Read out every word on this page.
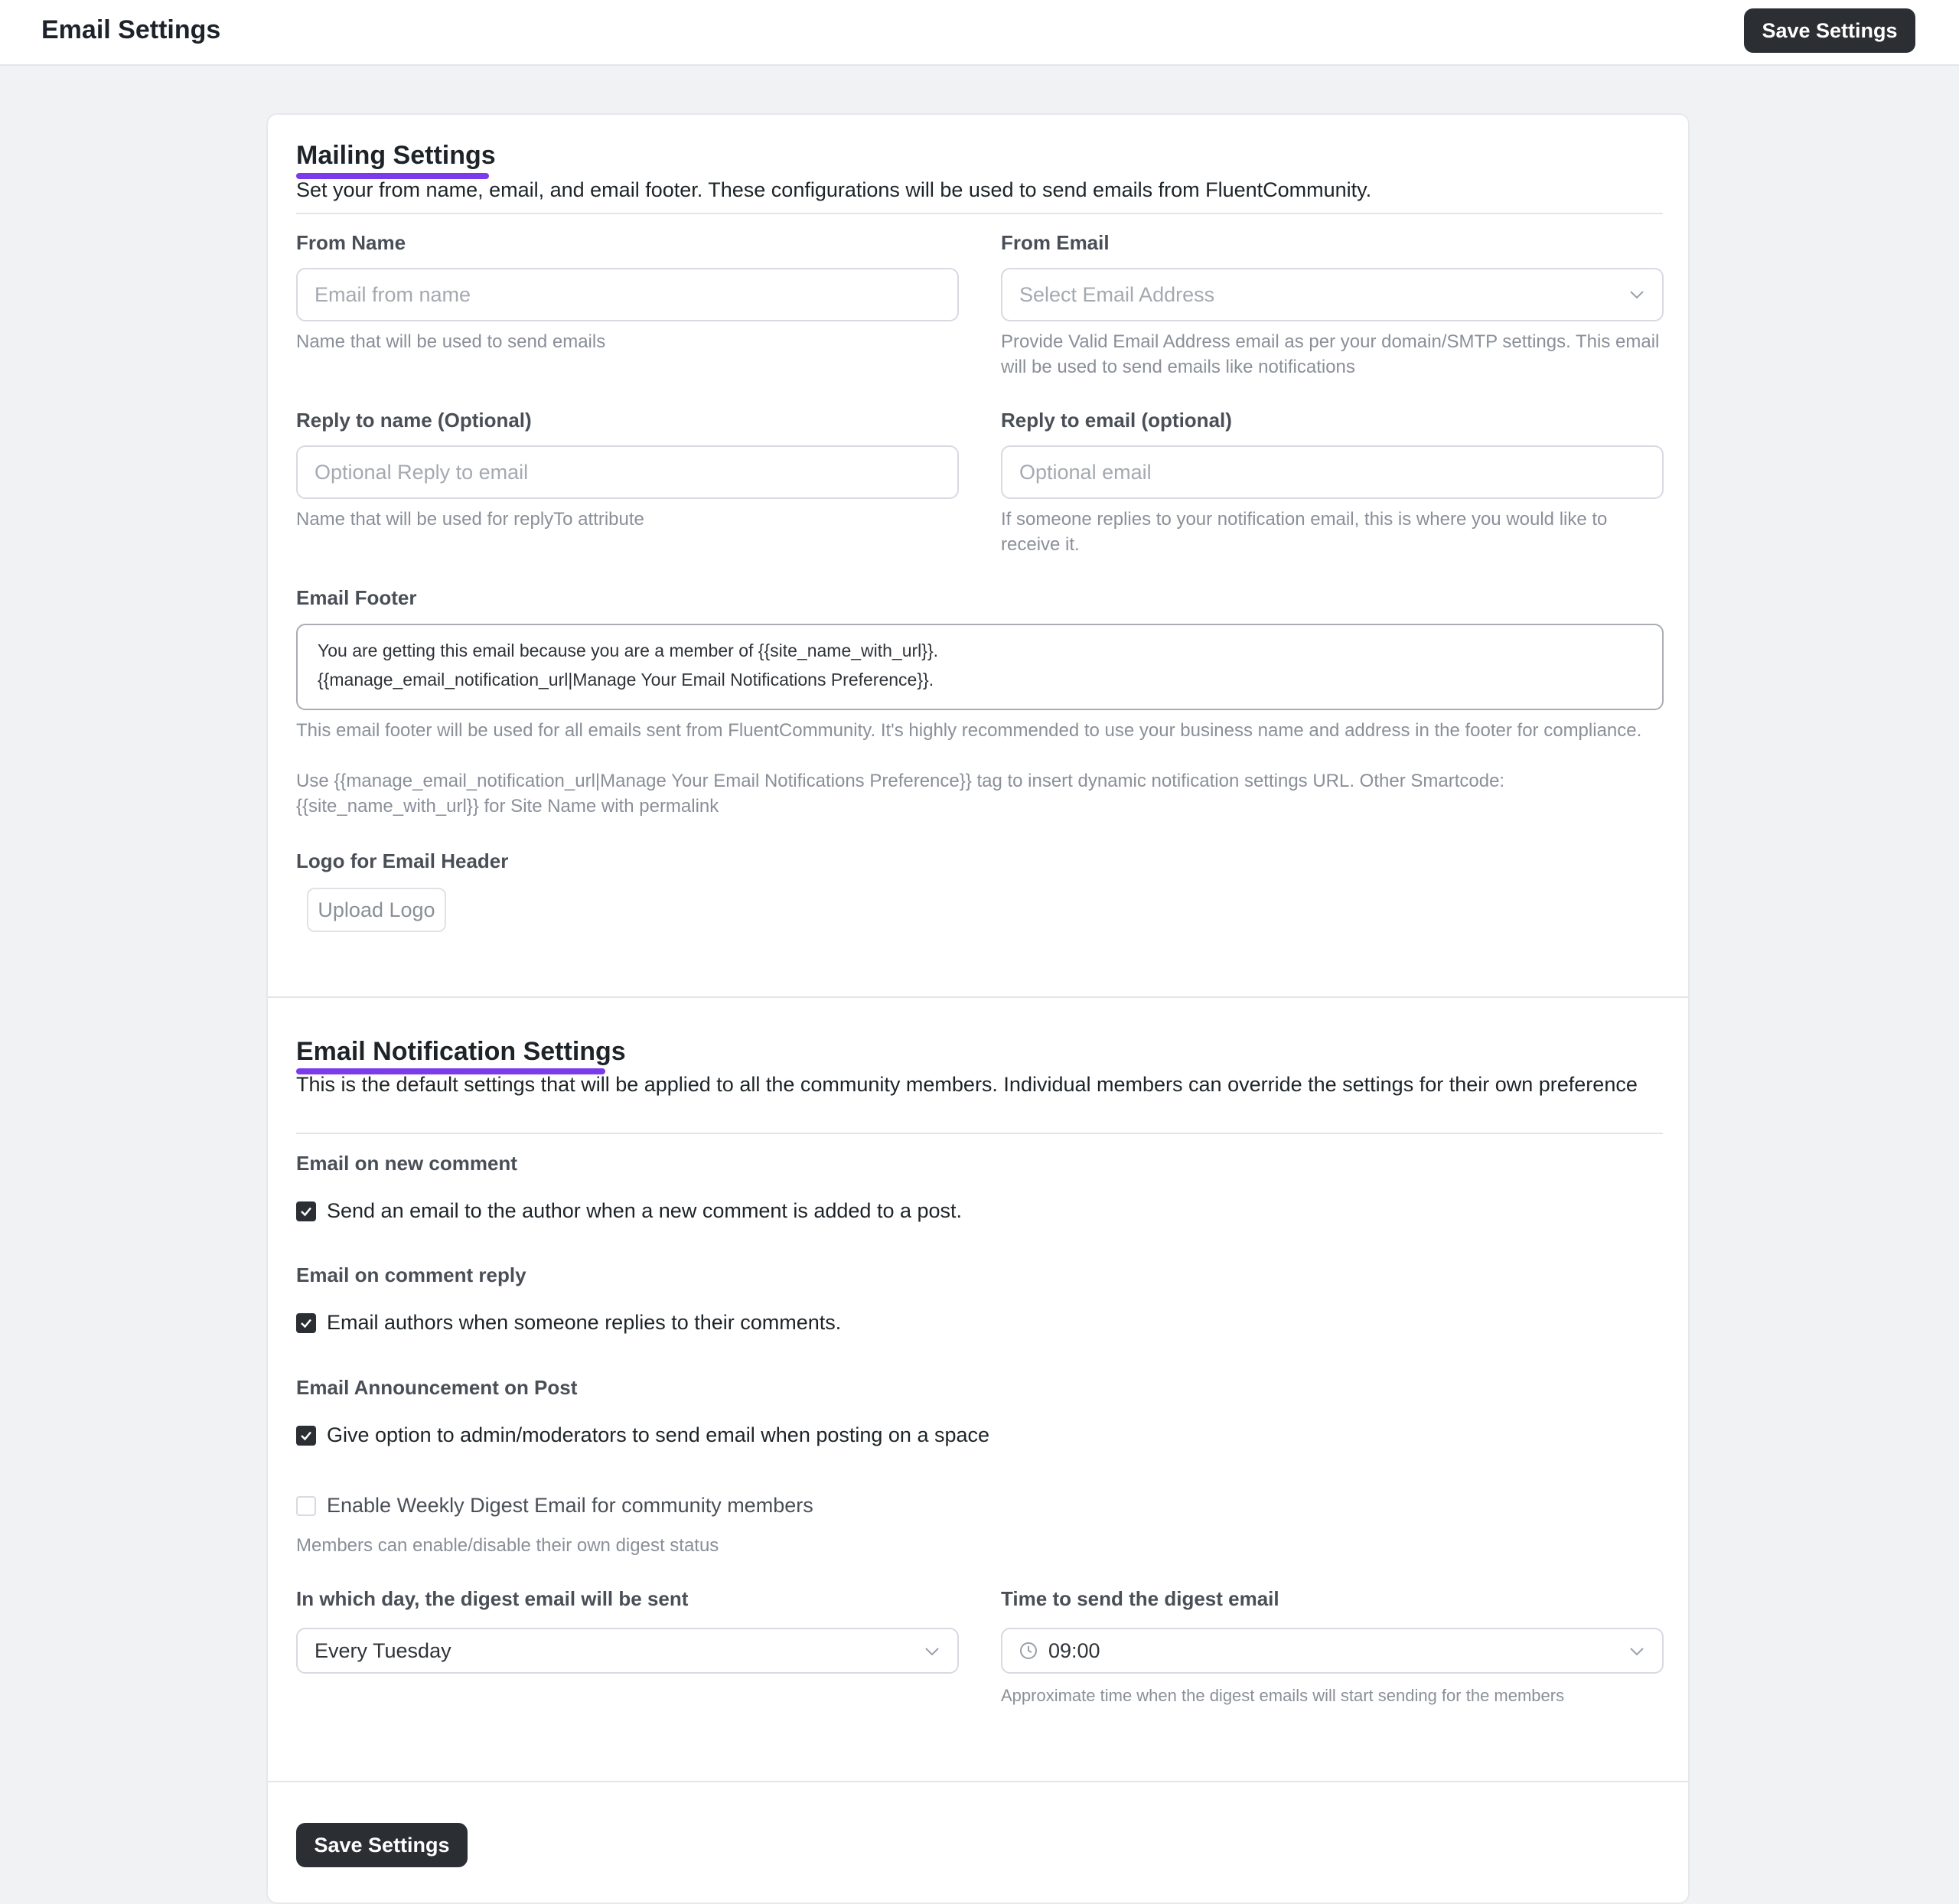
Email Settings	Save Settings
Mailing Settings
Set your from name, email, and email footer. These configurations will be used to send emails from FluentCommunity.
From Name
Email from name
Name that will be used to send emails
From Email
Select Email Address
Provide Valid Email Address email as per your domain/SMTP settings. This email will be used to send emails like notifications
Reply to name (Optional)
Optional Reply to email
Name that will be used for replyTo attribute
Reply to email (optional)
Optional email
If someone replies to your notification email, this is where you would like to receive it.
Email Footer
You are getting this email because you are a member of {{site_name_with_url}}.
{{manage_email_notification_url|Manage Your Email Notifications Preference}}.
This email footer will be used for all emails sent from FluentCommunity. It's highly recommended to use your business name and address in the footer for compliance.
Use {{manage_email_notification_url|Manage Your Email Notifications Preference}} tag to insert dynamic notification settings URL. Other Smartcode: {{site_name_with_url}} for Site Name with permalink
Logo for Email Header
Upload Logo
Email Notification Settings
This is the default settings that will be applied to all the community members. Individual members can override the settings for their own preference
Email on new comment
Send an email to the author when a new comment is added to a post.
Email on comment reply
Email authors when someone replies to their comments.
Email Announcement on Post
Give option to admin/moderators to send email when posting on a space
Enable Weekly Digest Email for community members
Members can enable/disable their own digest status
In which day, the digest email will be sent
Every Tuesday
Time to send the digest email
09:00
Approximate time when the digest emails will start sending for the members
Save Settings
